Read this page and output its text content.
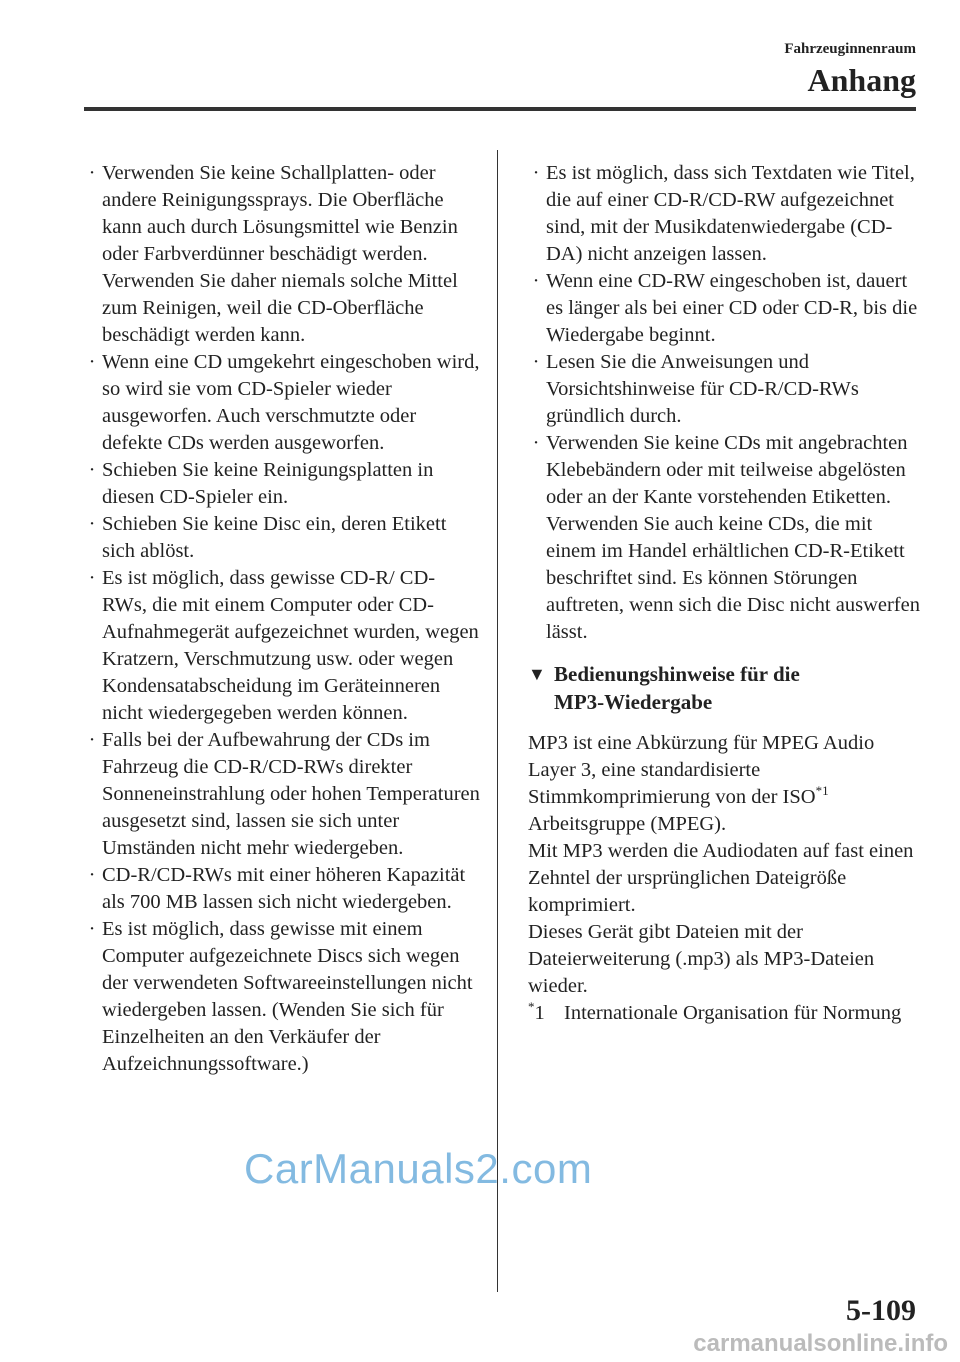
Fahrzeuginnenraum
Anhang
· Verwenden Sie keine Schallplatten- oder andere Reinigungssprays. Die Oberfläche kann auch durch Lösungsmittel wie Benzin oder Farbverdünner beschädigt werden. Verwenden Sie daher niemals solche Mittel zum Reinigen, weil die CD-Oberfläche beschädigt werden kann.
· Wenn eine CD umgekehrt eingeschoben wird, so wird sie vom CD-Spieler wieder ausgeworfen. Auch verschmutzte oder defekte CDs werden ausgeworfen.
· Schieben Sie keine Reinigungsplatten in diesen CD-Spieler ein.
· Schieben Sie keine Disc ein, deren Etikett sich ablöst.
· Es ist möglich, dass gewisse CD-R/ CD-RWs, die mit einem Computer oder CD-Aufnahmegerät aufgezeichnet wurden, wegen Kratzern, Verschmutzung usw. oder wegen Kondensatabscheidung im Geräteinneren nicht wiedergegeben werden können.
· Falls bei der Aufbewahrung der CDs im Fahrzeug die CD-R/CD-RWs direkter Sonneneinstrahlung oder hohen Temperaturen ausgesetzt sind, lassen sie sich unter Umständen nicht mehr wiedergeben.
· CD-R/CD-RWs mit einer höheren Kapazität als 700 MB lassen sich nicht wiedergeben.
· Es ist möglich, dass gewisse mit einem Computer aufgezeichnete Discs sich wegen der verwendeten Softwareeinstellungen nicht wiedergeben lassen. (Wenden Sie sich für Einzelheiten an den Verkäufer der Aufzeichnungssoftware.)
· Es ist möglich, dass sich Textdaten wie Titel, die auf einer CD-R/CD-RW aufgezeichnet sind, mit der Musikdatenwiedergabe (CD-DA) nicht anzeigen lassen.
· Wenn eine CD-RW eingeschoben ist, dauert es länger als bei einer CD oder CD-R, bis die Wiedergabe beginnt.
· Lesen Sie die Anweisungen und Vorsichtshinweise für CD-R/CD-RWs gründlich durch.
· Verwenden Sie keine CDs mit angebrachten Klebebändern oder mit teilweise abgelösten oder an der Kante vorstehenden Etiketten. Verwenden Sie auch keine CDs, die mit einem im Handel erhältlichen CD-R-Etikett beschriftet sind. Es können Störungen auftreten, wenn sich die Disc nicht auswerfen lässt.
▼ Bedienungshinweise für die
MP3-Wiedergabe
MP3 ist eine Abkürzung für MPEG Audio Layer 3, eine standardisierte Stimmkomprimierung von der ISO$^{*1}$ Arbeitsgruppe (MPEG).
Mit MP3 werden die Audiodaten auf fast einen Zehntel der ursprünglichen Dateigröße komprimiert.
Dieses Gerät gibt Dateien mit der Dateierweiterung (.mp3) als MP3-Dateien wieder.
*1 Internationale Organisation für Normung
CarManuals2.com
5-109
carmanualsonline.info
